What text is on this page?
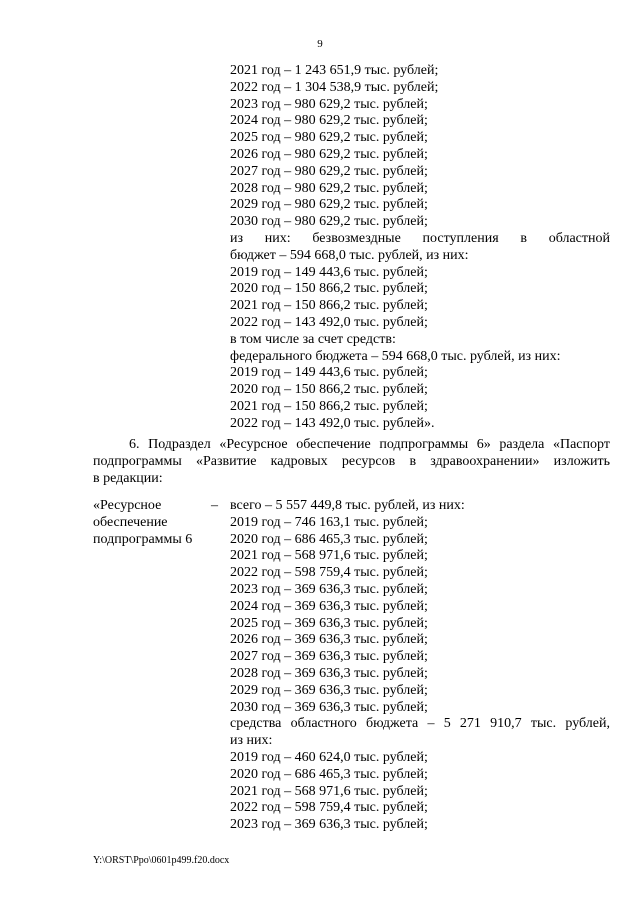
9
2021 год – 1 243 651,9 тыс. рублей;
2022 год – 1 304 538,9 тыс. рублей;
2023 год – 980 629,2 тыс. рублей;
2024 год – 980 629,2 тыс. рублей;
2025 год – 980 629,2 тыс. рублей;
2026 год – 980 629,2 тыс. рублей;
2027 год – 980 629,2 тыс. рублей;
2028 год – 980 629,2 тыс. рублей;
2029 год – 980 629,2 тыс. рублей;
2030 год – 980 629,2 тыс. рублей;
из них: безвозмездные поступления в областной
бюджет – 594 668,0 тыс. рублей, из них:
2019 год – 149 443,6 тыс. рублей;
2020 год – 150 866,2 тыс. рублей;
2021 год – 150 866,2 тыс. рублей;
2022 год – 143 492,0 тыс. рублей;
в том числе за счет средств:
федерального бюджета – 594 668,0 тыс. рублей, из них:
2019 год – 149 443,6 тыс. рублей;
2020 год – 150 866,2 тыс. рублей;
2021 год – 150 866,2 тыс. рублей;
2022 год – 143 492,0 тыс. рублей».
6. Подраздел «Ресурсное обеспечение подпрограммы 6» раздела «Паспорт
подпрограммы «Развитие кадровых ресурсов в здравоохранении» изложить
в редакции:
«Ресурсное
обеспечение
подпрограммы 6
– всего – 5 557 449,8 тыс. рублей, из них:
2019 год – 746 163,1 тыс. рублей;
2020 год – 686 465,3 тыс. рублей;
2021 год – 568 971,6 тыс. рублей;
2022 год – 598 759,4 тыс. рублей;
2023 год – 369 636,3 тыс. рублей;
2024 год – 369 636,3 тыс. рублей;
2025 год – 369 636,3 тыс. рублей;
2026 год – 369 636,3 тыс. рублей;
2027 год – 369 636,3 тыс. рублей;
2028 год – 369 636,3 тыс. рублей;
2029 год – 369 636,3 тыс. рублей;
2030 год – 369 636,3 тыс. рублей;
средства областного бюджета – 5 271 910,7 тыс. рублей,
из них:
2019 год – 460 624,0 тыс. рублей;
2020 год – 686 465,3 тыс. рублей;
2021 год – 568 971,6 тыс. рублей;
2022 год – 598 759,4 тыс. рублей;
2023 год – 369 636,3 тыс. рублей;
Y:\ORST\Ppo\0601p499.f20.docx
